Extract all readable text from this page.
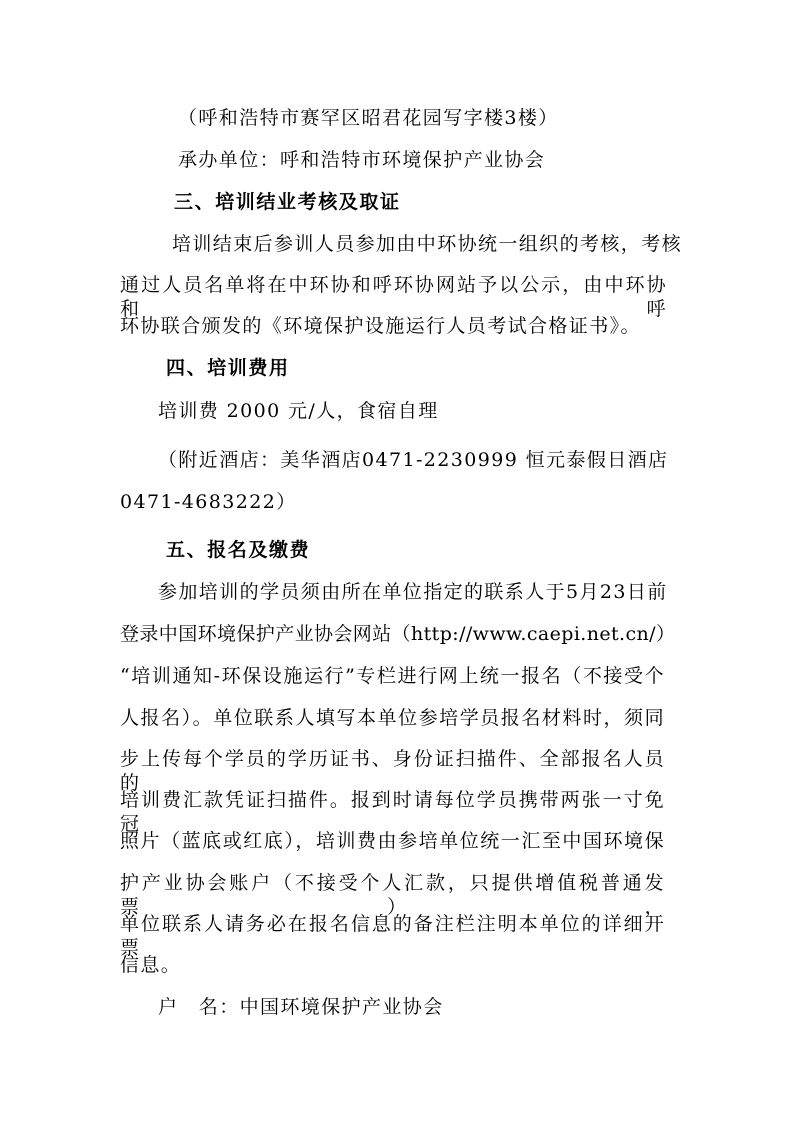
（呼和浩特市赛罕区昭君花园写字楼3楼）
承办单位：呼和浩特市环境保护产业协会
三、培训结业考核及取证
培训结束后参训人员参加由中环协统一组织的考核，考核
通过人员名单将在中环协和呼环协网站予以公示，由中环协和呼
环协联合颁发的《环境保护设施运行人员考试合格证书》。
四、培训费用
培训费 2000 元/人，食宿自理
（附近酒店：美华酒店0471-2230999 恒元泰假日酒店
0471-4683222）
五、报名及缴费
参加培训的学员须由所在单位指定的联系人于5月23日前
登录中国环境保护产业协会网站（http://www.caepi.net.cn/）
“培训通知-环保设施运行”专栏进行网上统一报名（不接受个
人报名）。单位联系人填写本单位参培学员报名材料时，须同
步上传每个学员的学历证书、身份证扫描件、全部报名人员的
培训费汇款凭证扫描件。报到时请每位学员携带两张一寸免冠
照片（蓝底或红底），培训费由参培单位统一汇至中国环境保
护产业协会账户（不接受个人汇款，只提供增值税普通发票），
单位联系人请务必在报名信息的备注栏注明本单位的详细开票
信息。
户　名：中国环境保护产业协会
